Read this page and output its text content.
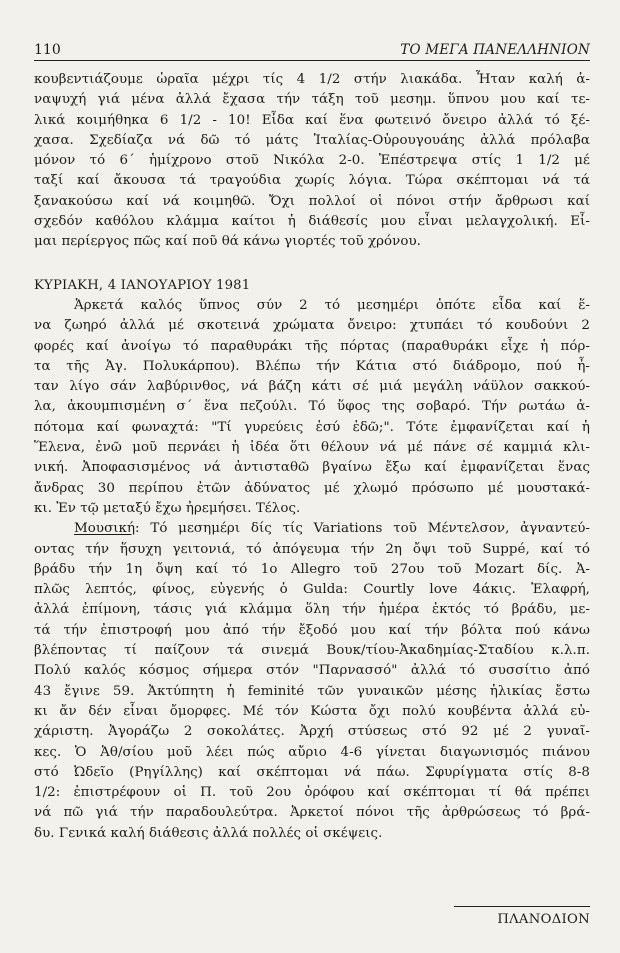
110	ΤΟ ΜΕΓΑ ΠΑΝΕΛΛΗΝΙΟΝ
κουβεντιάζουμε ὡραῖα μέχρι τίς 4 1/2 στήν λιακάδα. Ἦταν καλή ἀ-
ναψυχή γιά μένα ἀλλά ἔχασα τήν τάξη τοῦ μεσημ. ὕπνου μου καί τε-
λικά κοιμήθηκα 6 1/2 - 10! Εἶδα καί ἕνα φωτεινό ὄνειρο ἀλλά τό ξέ-
χασα. Σχεδίαζα νά δῶ τό μάτς Ἰταλίας-Οὐρουγουάης ἀλλά πρόλαβα
μόνον τό 6΄ ἡμίχρονο στοῦ Νικόλα 2-0. Ἐπέστρεψα στίς 1 1/2 μέ
ταξί καί ἄκουσα τά τραγούδια χωρίς λόγια. Τώρα σκέπτομαι νά τά
ξανακούσω καί νά κοιμηθῶ. Ὄχι πολλοί οἱ πόνοι στήν ἄρθρωσι καί
σχεδόν καθόλου κλάμμα καίτοι ἡ διάθεσίς μου εἶναι μελαγχολική. Εἶ-
μαι περίεργος πῶς καί ποῦ θά κάνω γιορτές τοῦ χρόνου.
ΚΥΡΙΑΚΗ, 4 ΙΑΝΟΥΑΡΙΟΥ 1981
Ἀρκετά καλός ὕπνος σύν 2 τό μεσημέρι ὁπότε εἶδα καί ἕ-
να ζωηρό ἀλλά μέ σκοτεινά χρώματα ὄνειρο: χτυπάει τό κουδούνι 2
φορές καί ἀνοίγω τό παραθυράκι τῆς πόρτας (παραθυράκι εἶχε ἡ πόρ-
τα τῆς Ἀγ. Πολυκάρπου). Βλέπω τήν Κάτια στό διάδρομο, πού ἦ-
ταν λίγο σάν λαβύρινθος, νά βάζη κάτι σέ μιά μεγάλη νάϋλον σακκού-
λα, ἀκουμπισμένη σ΄ ἕνα πεζούλι. Τό ὕφος της σοβαρό. Τήν ρωτάω ἀ-
πότομα καί φωναχτά: "Τί γυρεύεις ἐσύ ἐδῶ;". Τότε ἐμφανίζεται καί ἡ
Ἕλενα, ἐνῶ μοῦ περνάει ἡ ἰδέα ὅτι θέλουν νά μέ πάνε σέ καμμιά κλι-
νική. Ἀποφασισμένος νά ἀντισταθῶ βγαίνω ἔξω καί ἐμφανίζεται ἕνας
ἄνδρας 30 περίπου ἐτῶν ἀδύνατος μέ χλωμό πρόσωπο μέ μουστακά-
κι. Ἐν τῷ μεταξύ ἔχω ἠρεμήσει. Τέλος.
Μουσική: Τό μεσημέρι δίς τίς Variations τοῦ Μέντελσον, ἀγναντεύ-
οντας τήν ἥσυχη γειτονιά, τό ἀπόγευμα τήν 2η ὄψι τοῦ Suppé, καί τό
βράδυ τήν 1η ὄψη καί τό 1ο Allegro τοῦ 27ου τοῦ Mozart δίς. Ἀ-
πλῶς λεπτός, φίνος, εὐγενής ὁ Gulda: Courtly love 4άκις. Ἐλαφρή,
ἀλλά ἐπίμονη, τάσις γιά κλάμμα ὅλη τήν ἡμέρα ἐκτός τό βράδυ, με-
τά τήν ἐπιστροφή μου ἀπό τήν ἔξοδό μου καί τήν βόλτα πού κάνω
βλέποντας τί παίζουν τά σινεμά Βουκ/τίου-Ἀκαδημίας-Σταδίου κ.λ.π.
Πολύ καλός κόσμος σήμερα στόν "Παρνασσό" ἀλλά τό συσσίτιο ἀπό
43 ἔγινε 59. Ἀκτύπητη ἡ feminité τῶν γυναικῶν μέσης ἡλικίας ἔστω
κι ἄν δέν εἶναι ὄμορφες. Μέ τόν Κώστα ὄχι πολύ κουβέντα ἀλλά εὐ-
χάριστη. Ἀγοράζω 2 σοκολάτες. Ἀρχή στύσεως στό 92 μέ 2 γυναῖ-
κες. Ὁ Ἀθ/σίου μοῦ λέει πώς αὔριο 4-6 γίνεται διαγωνισμός πιάνου
στό Ὠδεῖο (Ρηγίλλης) καί σκέπτομαι νά πάω. Σφυρίγματα στίς 8-8
1/2: ἐπιστρέφουν οἱ Π. τοῦ 2ου ὀρόφου καί σκέπτομαι τί θά πρέπει
νά πῶ γιά τήν παραδουλεύτρα. Ἀρκετοί πόνοι τῆς ἀρθρώσεως τό βρά-
δυ. Γενικά καλή διάθεσις ἀλλά πολλές οἱ σκέψεις.
ΠΛΑΝΟΔΙΟΝ
